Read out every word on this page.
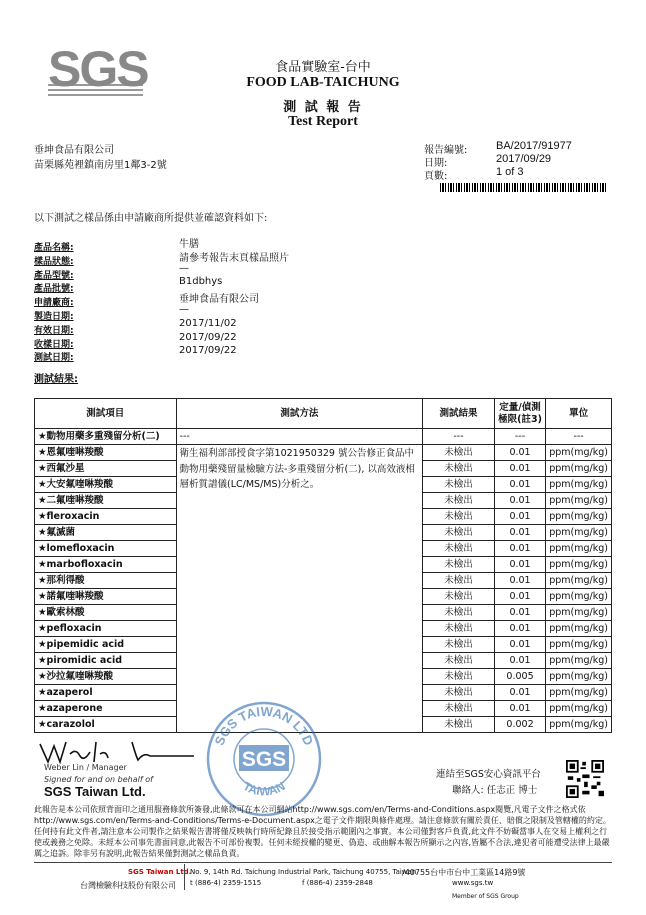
SGS	食品實驗室-台中
FOOD LAB-TAICHUNG
測 試 報 告
Test Report
垂坤食品有限公司
苗栗縣苑裡鎮南房里1鄰3-2號
報告編號:	BA/2017/91977
日期:	2017/09/29
頁數:	1 of 3
以下測試之樣品係由申請廠商所提供並確認資料如下:
產品名稱:	牛膳
樣品狀態:	請參考報告末頁樣品照片
產品型號:
—
產品批號:
B1dbhys
申請廠商:	垂坤食品有限公司
製造日期:
—
有效日期:
2017/11/02
收樣日期:
2017/09/22
測試日期:
2017/09/22
測試結果:
測試項目	測試方法	測試結果	定量/偵測極限(註3)	單位
★動物用藥多重殘留分析(二)	---	---	---	---
★恩氟喹啉羧酸	衛生福利部部授食字第1021950329 號公告修正食品中動物用藥殘留量檢驗方法-多重殘留分析(二), 以高效液相層析質譜儀(LC/MS/MS)分析之。	未檢出	0.01	ppm(mg/kg)
★西氟沙星		未檢出	0.01	ppm(mg/kg)
★大安氟喹啉羧酸		未檢出	0.01	ppm(mg/kg)
★二氟喹啉羧酸		未檢出	0.01	ppm(mg/kg)
★fleroxacin		未檢出	0.01	ppm(mg/kg)
★氟滅菌		未檢出	0.01	ppm(mg/kg)
★lomefloxacin		未檢出	0.01	ppm(mg/kg)
★marbofloxacin		未檢出	0.01	ppm(mg/kg)
★那利得酸		未檢出	0.01	ppm(mg/kg)
★諾氟喹啉羧酸		未檢出	0.01	ppm(mg/kg)
★歐索林酸		未檢出	0.01	ppm(mg/kg)
★pefloxacin		未檢出	0.01	ppm(mg/kg)
★pipemidic acid		未檢出	0.01	ppm(mg/kg)
★piromidic acid		未檢出	0.01	ppm(mg/kg)
★沙拉氟喹啉羧酸		未檢出	0.005	ppm(mg/kg)
★azaperol		未檢出	0.01	ppm(mg/kg)
★azaperone		未檢出	0.01	ppm(mg/kg)
★carazolol		未檢出	0.002	ppm(mg/kg)
Weber Lin / Manager
Signed for and on behalf of
SGS Taiwan Ltd.
SGS TAIWAN LTD
TAIWAN
SGS
連結至SGS安心資訊平台
聯絡人: 任志正 博士
此報告是本公司依照背面印之通用服務條款所簽發,此條款可在本公司網站http://www.sgs.com/en/Terms-and-Conditions.aspx閱覽,凡電子文件之格式依http://www.sgs.com/en/Terms-and-Conditions/Terms-e-Document.aspx之電子文件期限與條件處理。請注意條款有關於責任、賠償之限制及管轄權的約定。任何持有此文件者,請注意本公司製作之結果報告書將僅反映執行時所紀錄且於接受指示範圍內之事實。本公司僅對客戶負責,此文件不妨礙當事人在交易上權利之行使或義務之免除。未經本公司事先書面同意,此報告不可部份複製。任何未經授權的變更、偽造、或曲解本報告所顯示之內容,皆屬不合法,違犯者可能遭受法律上最嚴厲之追訴。除非另有說明,此報告結果僅對測試之樣品負責。
SGS Taiwan Ltd.
台灣檢驗科技股份有限公司
No. 9, 14th Rd. Taichung Industrial Park, Taichung 40755, Taiwan
/40755台中市台中工業區14路9號
t (886-4) 2359-1515	f (886-4) 2359-2848	www.sgs.tw
Member of SGS Group
